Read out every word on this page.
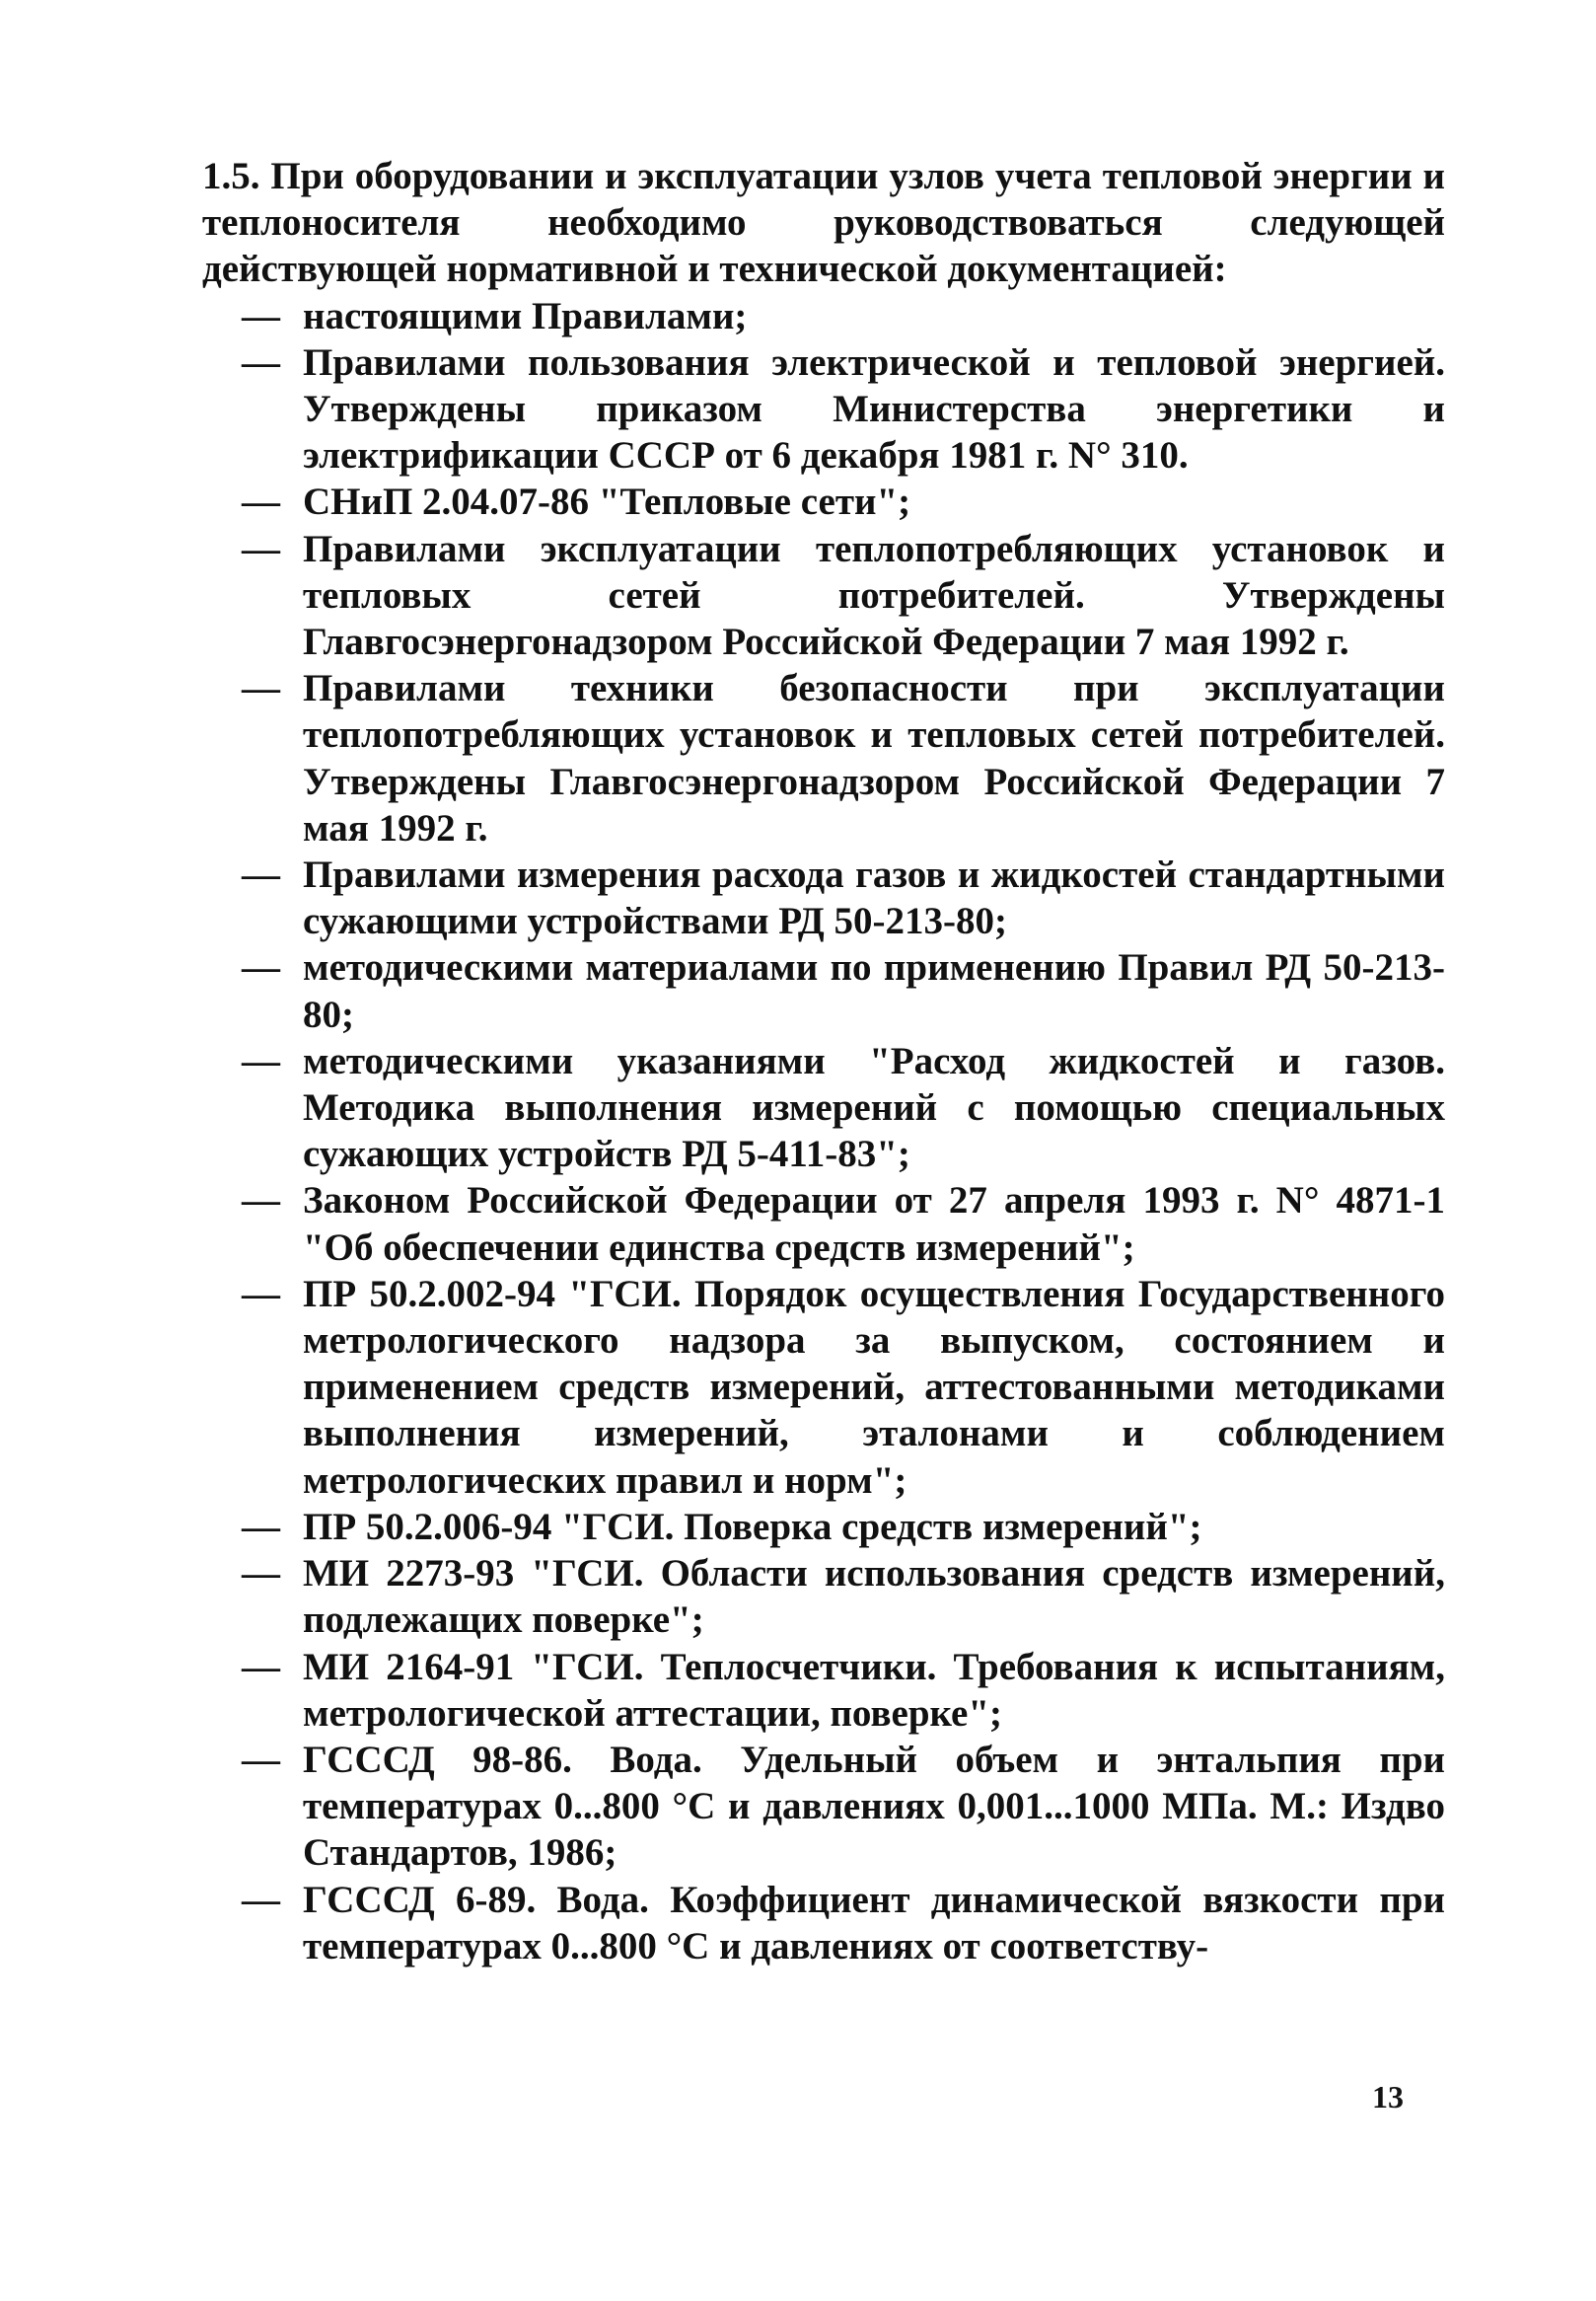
1.5. При оборудовании и эксплуатации узлов учета тепловой энергии и теплоносителя необходимо руководствоваться следующей действующей нормативной и технической документацией:

— настоящими Правилами;
— Правилами пользования электрической и тепловой энергией. Утверждены приказом Министерства энергетики и электрификации СССР от 6 декабря 1981 г. N° 310.
— СНиП 2.04.07-86 "Тепловые сети";
— Правилами эксплуатации теплопотребляющих установок и тепловых сетей потребителей. Утверждены Главгосэнергонадзором Российской Федерации 7 мая 1992 г.
— Правилами техники безопасности при эксплуатации теплопотребляющих установок и тепловых сетей потребителей. Утверждены Главгосэнергонадзором Российской Федерации 7 мая 1992 г.
— Правилами измерения расхода газов и жидкостей стандартными сужающими устройствами РД 50-213-80;
— методическими материалами по применению Правил РД 50-213-80;
— методическими указаниями "Расход жидкостей и газов. Методика выполнения измерений с помощью специальных сужающих устройств РД 5-411-83";
— Законом Российской Федерации от 27 апреля 1993 г. N° 4871-1 "Об обеспечении единства средств измерений";
— ПР 50.2.002-94 "ГСИ. Порядок осуществления Государственного метрологического надзора за выпуском, состоянием и применением средств измерений, аттестованными методиками выполнения измерений, эталонами и соблюдением метрологических правил и норм";
— ПР 50.2.006-94 "ГСИ. Поверка средств измерений";
— МИ 2273-93 "ГСИ. Области использования средств измерений, подлежащих поверке";
— МИ 2164-91 "ГСИ. Теплосчетчики. Требования к испытаниям, метрологической аттестации, поверке";
— ГСССД 98-86. Вода. Удельный объем и энтальпия при температурах 0...800 °С и давлениях 0,001...1000 МПа. М.: Издво Стандартов, 1986;
— ГСССД 6-89. Вода. Коэффициент динамической вязкости при температурах 0...800 °С и давлениях от соответству-
13
